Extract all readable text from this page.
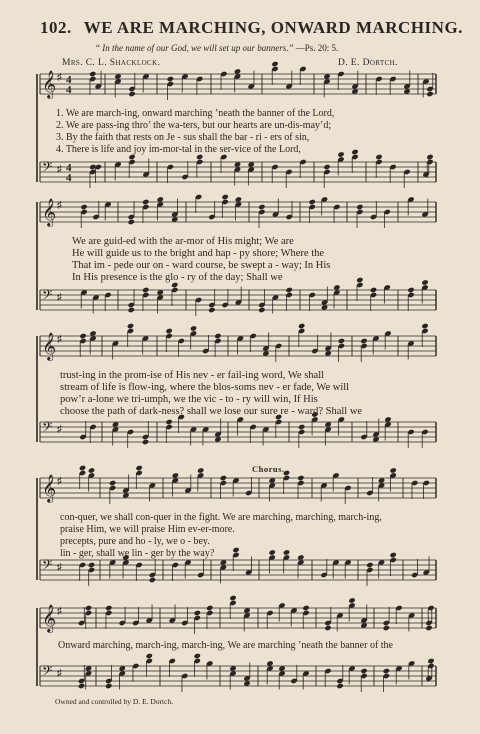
102. WE ARE MARCHING, ONWARD MARCHING.
“ In the name of our God, we will set up our banners.” —Ps. 20: 5.
Mrs. C. L. Shacklock.	D. E. Dortch.
𝄞 ♯ 4
4
𝄢 ♯ 4
4
1. We are march-ing, onward marching ’neath the banner of the Lord,
2. We are pass-ing thro’ the wa-ters, but our hearts are un-dis-may’d;
3. By the faith that rests on Je - sus shall the bar - ri - ers of sin,
4. There is life and joy im-mor-tal in the ser-vice of the Lord,
𝄞 ♯
𝄢 ♯
We are guid-ed with the ar-mor of His might; We are
He will guide us to the bright and hap - py shore; Where the
That im - pede our on - ward course, be swept a - way; In His
In His presence is the glo - ry of the day; Shall we
𝄞 ♯
𝄢 ♯
trust-ing in the prom-ise of His nev - er fail-ing word, We shall
stream of life is flow-ing, where the blos-soms nev - er fade, We will
pow’r a-lone we tri-umph, we the vic - to - ry will win, If His
choose the path of dark-ness? shall we lose our sure re - ward? Shall we
Chorus.
𝄞 ♯
𝄢 ♯
con-quer, we shall con-quer in the fight. We are marching, marching, march-ing,
praise Him, we will praise Him ev-er-more.
precepts, pure and ho - ly, we o - bey.
lin - ger, shall we lin - ger by the way?
𝄞 ♯
𝄢 ♯
Onward marching, march-ing, march-ing, We are marching ’neath the banner of the
Owned and controlled by D. E. Dortch.
